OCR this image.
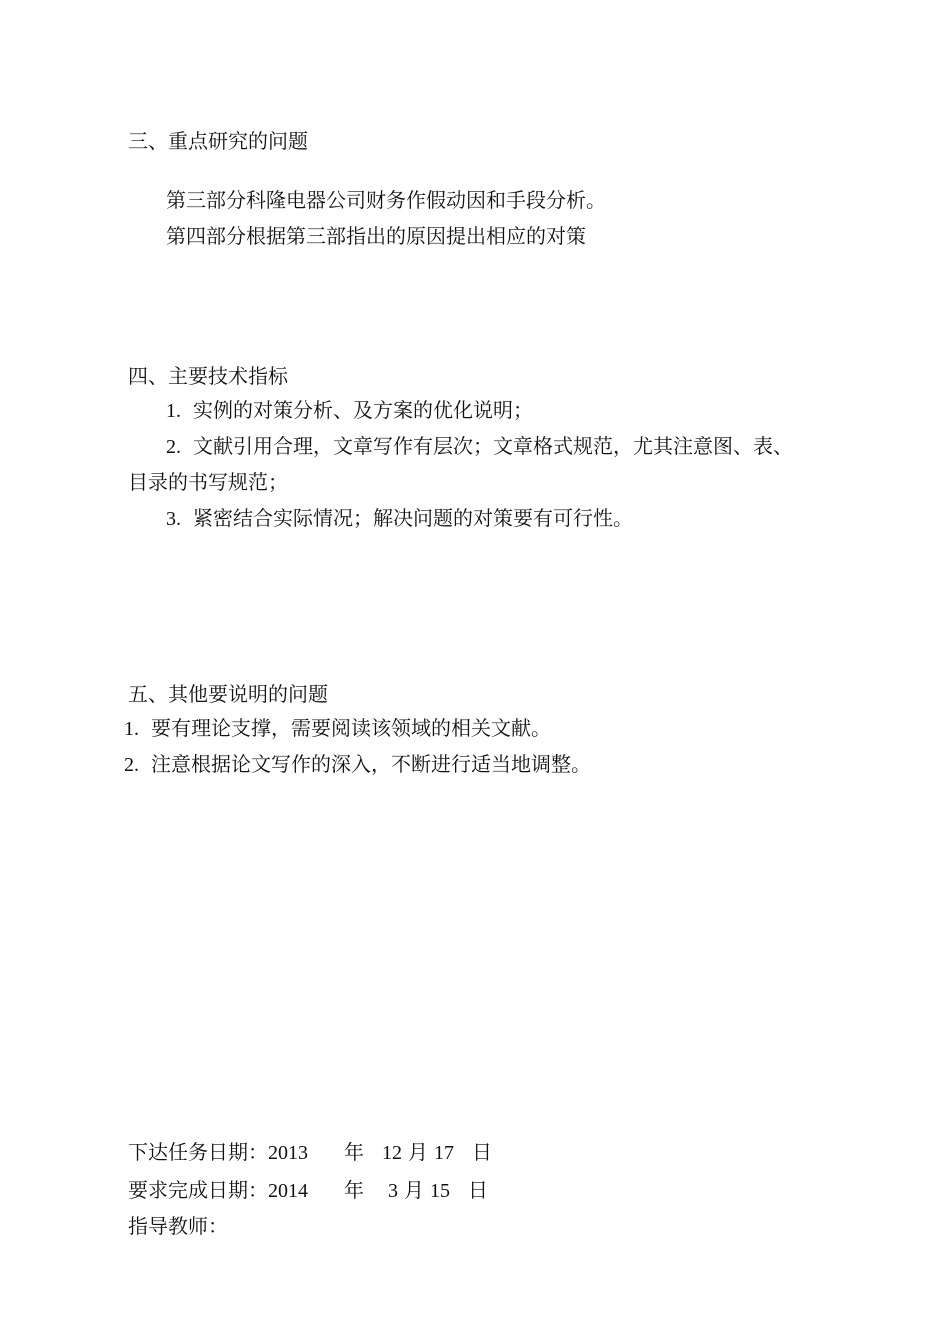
三、重点研究的问题
第三部分科隆电器公司财务作假动因和手段分析。
第四部分根据第三部指出的原因提出相应的对策
四、主要技术指标
1. 实例的对策分析、及方案的优化说明；
2. 文献引用合理，文章写作有层次；文章格式规范，尤其注意图、表、
目录的书写规范；
3. 紧密结合实际情况；解决问题的对策要有可行性。
五、其他要说明的问题
1. 要有理论支撑，需要阅读该领域的相关文献。
2. 注意根据论文写作的深入，不断进行适当地调整。
下达任务日期：2013 年 12 月 17 日
要求完成日期：2014 年 3 月 15 日
指导教师：
